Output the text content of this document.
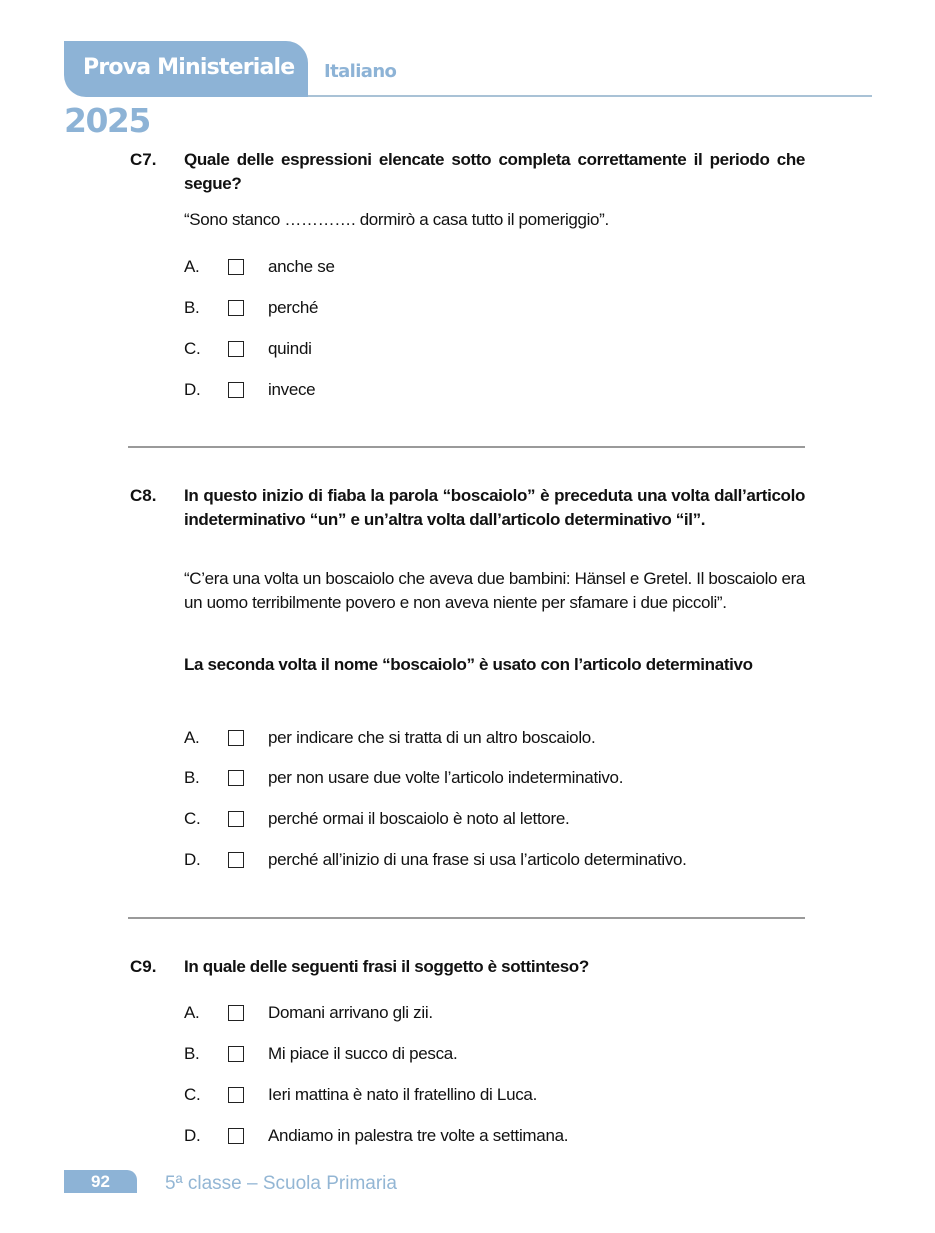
Prova Ministeriale Italiano
2025
C7. Quale delle espressioni elencate sotto completa correttamente il periodo che segue?
“Sono stanco …………. dormirò a casa tutto il pomeriggio”.
A.	anche se
B.	perché
C.	quindi
D.	invece
C8. In questo inizio di fiaba la parola “boscaiolo” è preceduta una volta dall’articolo indeterminativo “un” e un’altra volta dall’articolo determinativo “il”.
“C’era una volta un boscaiolo che aveva due bambini: Hänsel e Gretel. Il boscaiolo era un uomo terribilmente povero e non aveva niente per sfamare i due piccoli”.
La seconda volta il nome “boscaiolo” è usato con l’articolo determinativo
A.	per indicare che si tratta di un altro boscaiolo.
B.	per non usare due volte l’articolo indeterminativo.
C.	perché ormai il boscaiolo è noto al lettore.
D.	perché all’inizio di una frase si usa l’articolo determinativo.
C9. In quale delle seguenti frasi il soggetto è sottinteso?
A.	Domani arrivano gli zii.
B.	Mi piace il succo di pesca.
C.	Ieri mattina è nato il fratellino di Luca.
D.	Andiamo in palestra tre volte a settimana.
92	5ª classe – Scuola Primaria
